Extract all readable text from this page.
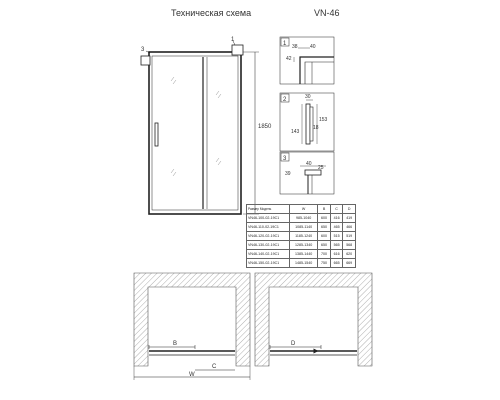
Техническая схема	VN-46
3
1
1850
1 38 40
42
2	30
143
153
18
3
40
25
39
B
C
W
D
Размер Модель	W	B	C	D
VN46-100-02-19C1	985-1040	600	416	419
VN46-110-02-19C1	1085-1140	650	465	466
VN46-120-02-19C1	1185-1240	600	515	519
VN46-130-02-19C1	1285-1340	650	565	568
VN46-140-02-19C1	1385-1440	700	616	620
VN46-150-02-19C1	1485-1540	750	665	669
